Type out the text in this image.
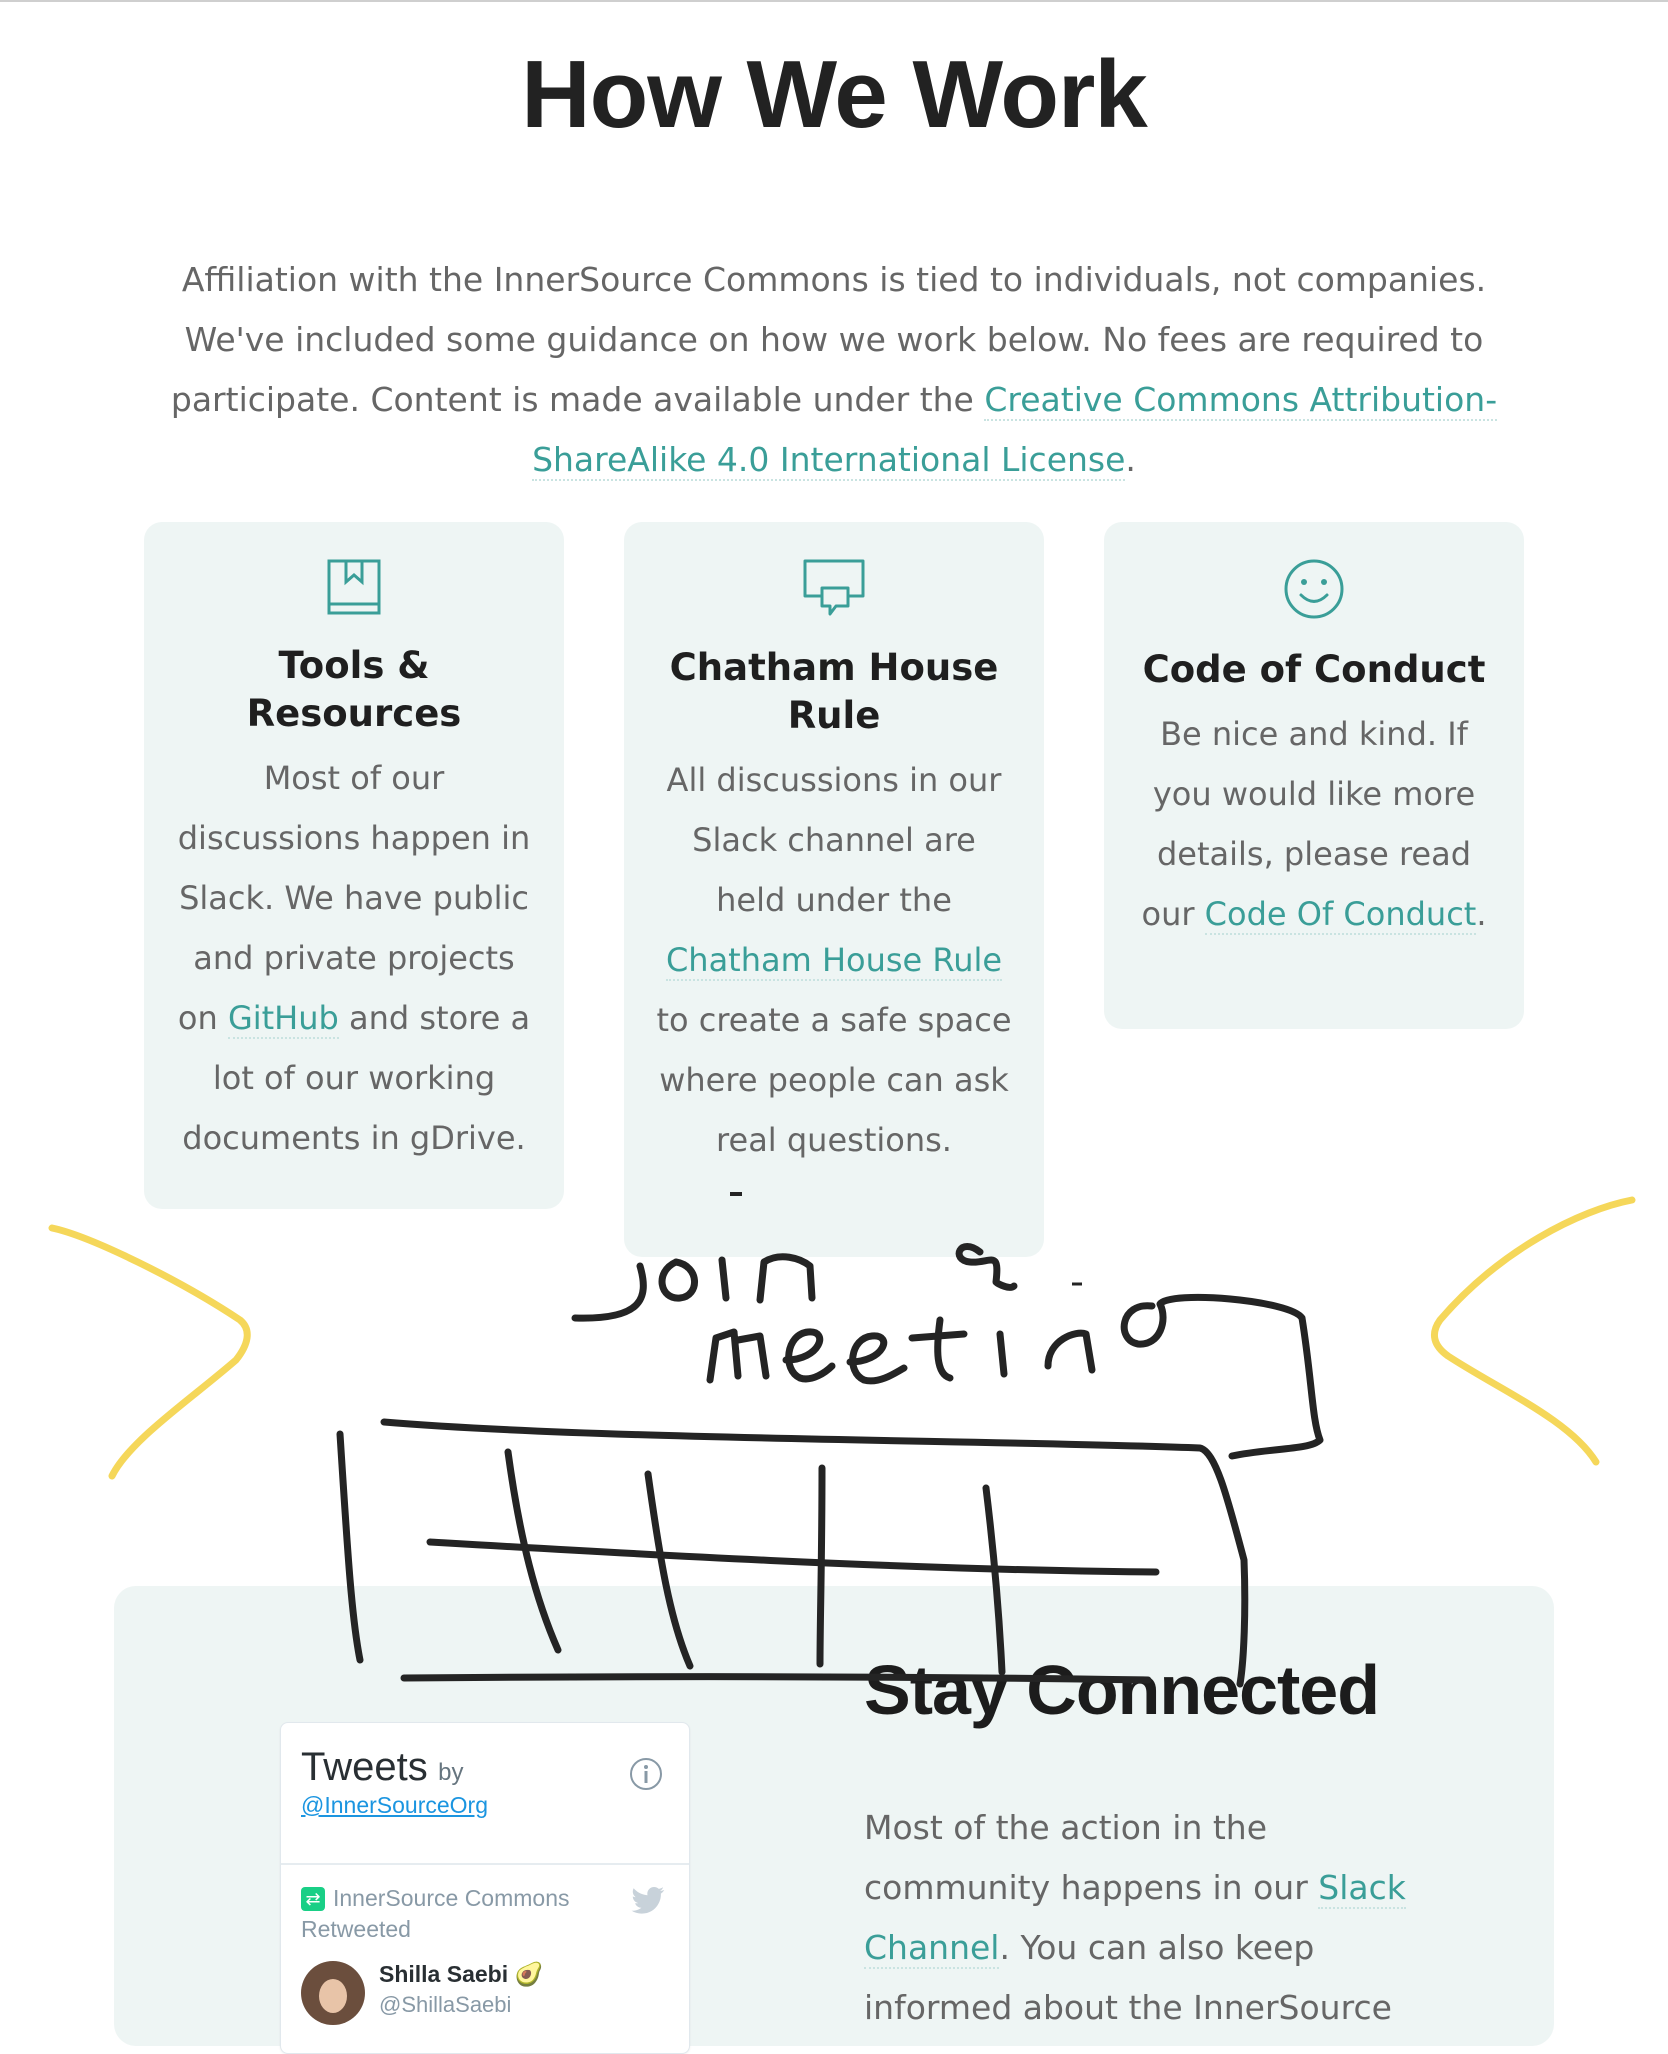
How We Work

Affiliation with the InnerSource Commons is tied to individuals, not companies. We've included some guidance on how we work below. No fees are required to participate. Content is made available under the Creative Commons Attribution-ShareAlike 4.0 International License.

Tools & Resources

Most of our discussions happen in Slack. We have public and private projects on GitHub and store a lot of our working documents in gDrive.

Chatham House Rule

All discussions in our Slack channel are held under the Chatham House Rule to create a safe space where people can ask real questions.

Code of Conduct

Be nice and kind. If you would like more details, please read our Code Of Conduct.

Tweets by
@InnerSourceOrg
⇄ InnerSource Commons
Retweeted
Shilla Saebi 🥑
@ShillaSaebi
Stay Connected

Most of the action in the community happens in our Slack Channel. You can also keep informed about the InnerSource
